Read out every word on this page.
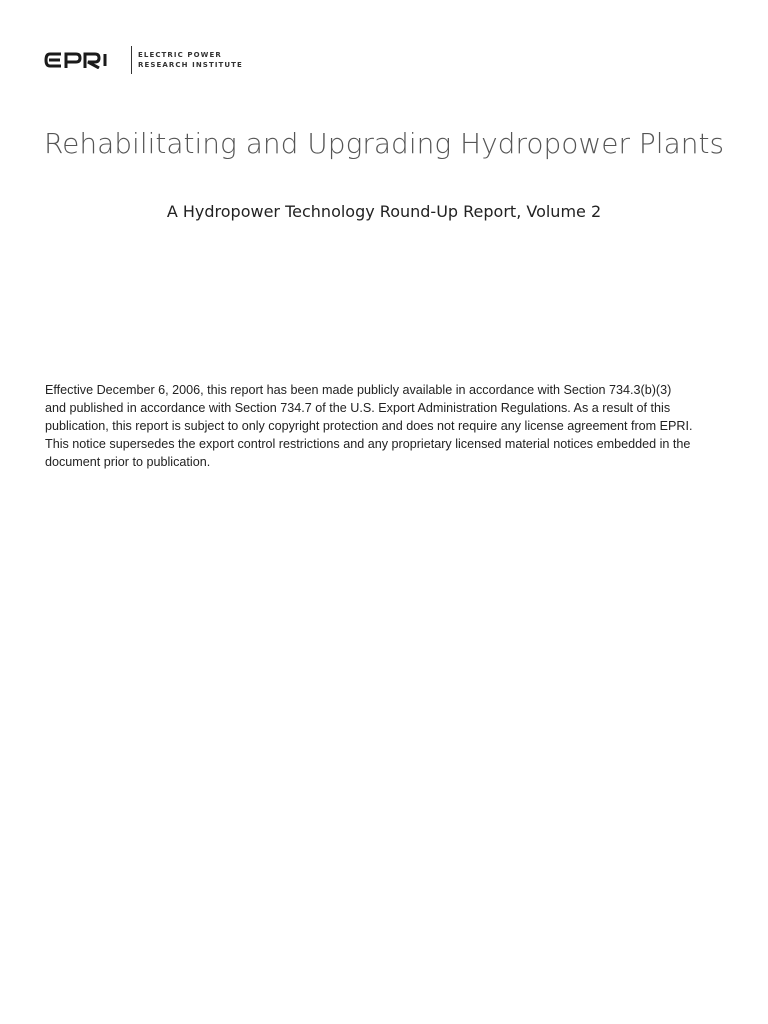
EPRI	ELECTRIC POWER
RESEARCH INSTITUTE
Rehabilitating and Upgrading Hydropower Plants
A Hydropower Technology Round-Up Report, Volume 2

Effective December 6, 2006, this report has been made publicly available in accordance with Section 734.3(b)(3)
and published in accordance with Section 734.7 of the U.S. Export Administration Regulations. As a result of this
publication, this report is subject to only copyright protection and does not require any license agreement from EPRI.
This notice supersedes the export control restrictions and any proprietary licensed material notices embedded in the
document prior to publication.
